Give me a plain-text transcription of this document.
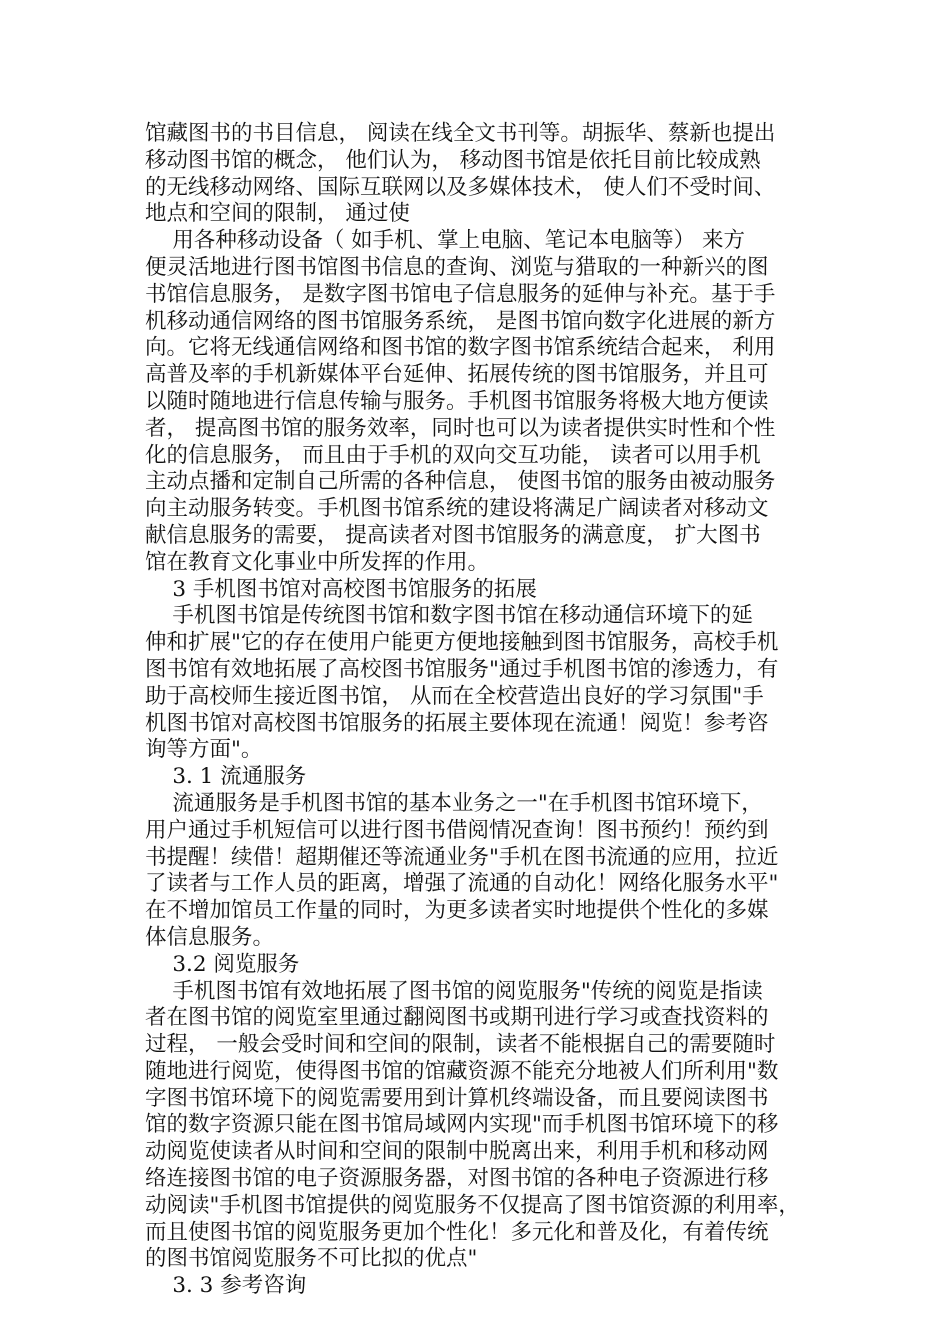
馆藏图书的书目信息， 阅读在线全文书刊等。胡振华、蔡新也提出
移动图书馆的概念， 他们认为， 移动图书馆是依托目前比较成熟
的无线移动网络、国际互联网以及多媒体技术， 使人们不受时间、
地点和空间的限制， 通过使
用各种移动设备（ 如手机、掌上电脑、笔记本电脑等） 来方
便灵活地进行图书馆图书信息的查询、浏览与猎取的一种新兴的图
书馆信息服务， 是数字图书馆电子信息服务的延伸与补充。基于手
机移动通信网络的图书馆服务系统， 是图书馆向数字化进展的新方
向。它将无线通信网络和图书馆的数字图书馆系统结合起来， 利用
高普及率的手机新媒体平台延伸、拓展传统的图书馆服务，并且可
以随时随地进行信息传输与服务。手机图书馆服务将极大地方便读
者， 提高图书馆的服务效率，同时也可以为读者提供实时性和个性
化的信息服务， 而且由于手机的双向交互功能， 读者可以用手机
主动点播和定制自己所需的各种信息， 使图书馆的服务由被动服务
向主动服务转变。手机图书馆系统的建设将满足广阔读者对移动文
献信息服务的需要， 提高读者对图书馆服务的满意度， 扩大图书
馆在教育文化事业中所发挥的作用。
3 手机图书馆对高校图书馆服务的拓展
手机图书馆是传统图书馆和数字图书馆在移动通信环境下的延
伸和扩展"它的存在使用户能更方便地接触到图书馆服务，高校手机
图书馆有效地拓展了高校图书馆服务"通过手机图书馆的渗透力，有
助于高校师生接近图书馆， 从而在全校营造出良好的学习氛围"手
机图书馆对高校图书馆服务的拓展主要体现在流通！阅览！参考咨
询等方面"。
3. 1 流通服务
流通服务是手机图书馆的基本业务之一"在手机图书馆环境下，
用户通过手机短信可以进行图书借阅情况查询！图书预约！预约到
书提醒！续借！超期催还等流通业务"手机在图书流通的应用，拉近
了读者与工作人员的距离，增强了流通的自动化！网络化服务水平"
在不增加馆员工作量的同时，为更多读者实时地提供个性化的多媒
体信息服务。
3.2 阅览服务
手机图书馆有效地拓展了图书馆的阅览服务"传统的阅览是指读
者在图书馆的阅览室里通过翻阅图书或期刊进行学习或查找资料的
过程， 一般会受时间和空间的限制，读者不能根据自己的需要随时
随地进行阅览，使得图书馆的馆藏资源不能充分地被人们所利用"数
字图书馆环境下的阅览需要用到计算机终端设备，而且要阅读图书
馆的数字资源只能在图书馆局域网内实现"而手机图书馆环境下的移
动阅览使读者从时间和空间的限制中脱离出来，利用手机和移动网
络连接图书馆的电子资源服务器，对图书馆的各种电子资源进行移
动阅读"手机图书馆提供的阅览服务不仅提高了图书馆资源的利用率，
而且使图书馆的阅览服务更加个性化！多元化和普及化，有着传统
的图书馆阅览服务不可比拟的优点"
3. 3 参考咨询
